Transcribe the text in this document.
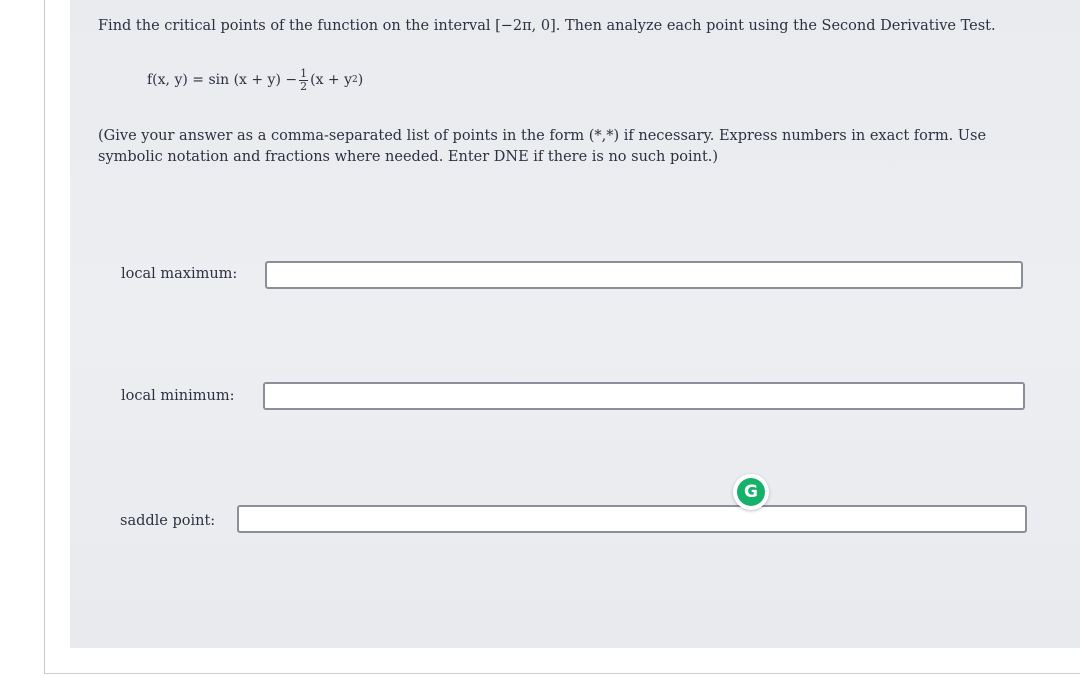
Find the critical points of the function on the interval [−2π, 0]. Then analyze each point using the Second Derivative Test.
f(x, $y) = \sin (x + y) - \frac{1}{2} (x + y$ 2 )
(Give your answer as a comma-separated list of points in the form (*,*) if necessary. Express numbers in exact form. Use symbolic notation and fractions where needed. Enter DNE if there is no such point.)
local maximum:
local minimum:
saddle point:
G
